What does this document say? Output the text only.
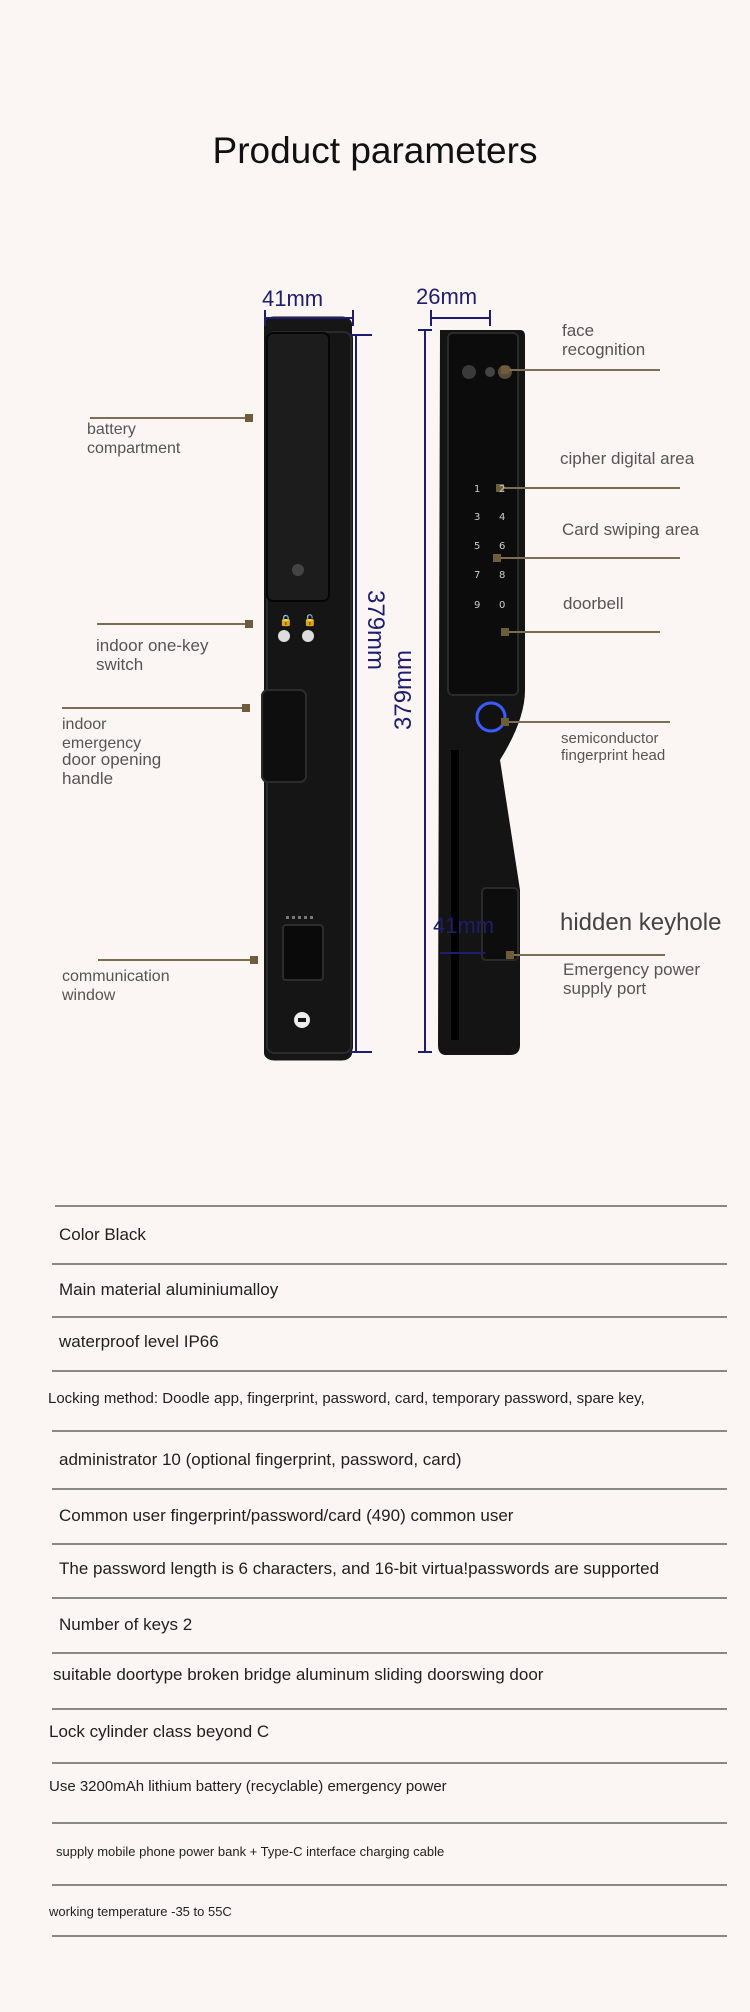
Product parameters
🔒 🔓
1 2
3 4
5 6
7 8
9 0
41mm	26mm
379mm
379mm
41mm
battery
compartment
indoor one-key
switch
indoor
emergency
door opening
handle
communication
window
face
recognition
cipher digital area
Card swiping area
doorbell
semiconductor
fingerprint head
hidden keyhole
Emergency power
supply port
Color Black
Main material aluminiumalloy
waterproof level IP66
Locking method: Doodle app, fingerprint, password, card, temporary password, spare key,
administrator 10 (optional fingerprint, password, card)
Common user fingerprint/password/card (490) common user
The password length is 6 characters, and 16-bit virtua!passwords are supported
Number of keys 2
suitable doortype broken bridge aluminum sliding doorswing door
Lock cylinder class beyond C
Use 3200mAh lithium battery (recyclable) emergency power
supply mobile phone power bank + Type-C interface charging cable
working temperature -35 to 55C
